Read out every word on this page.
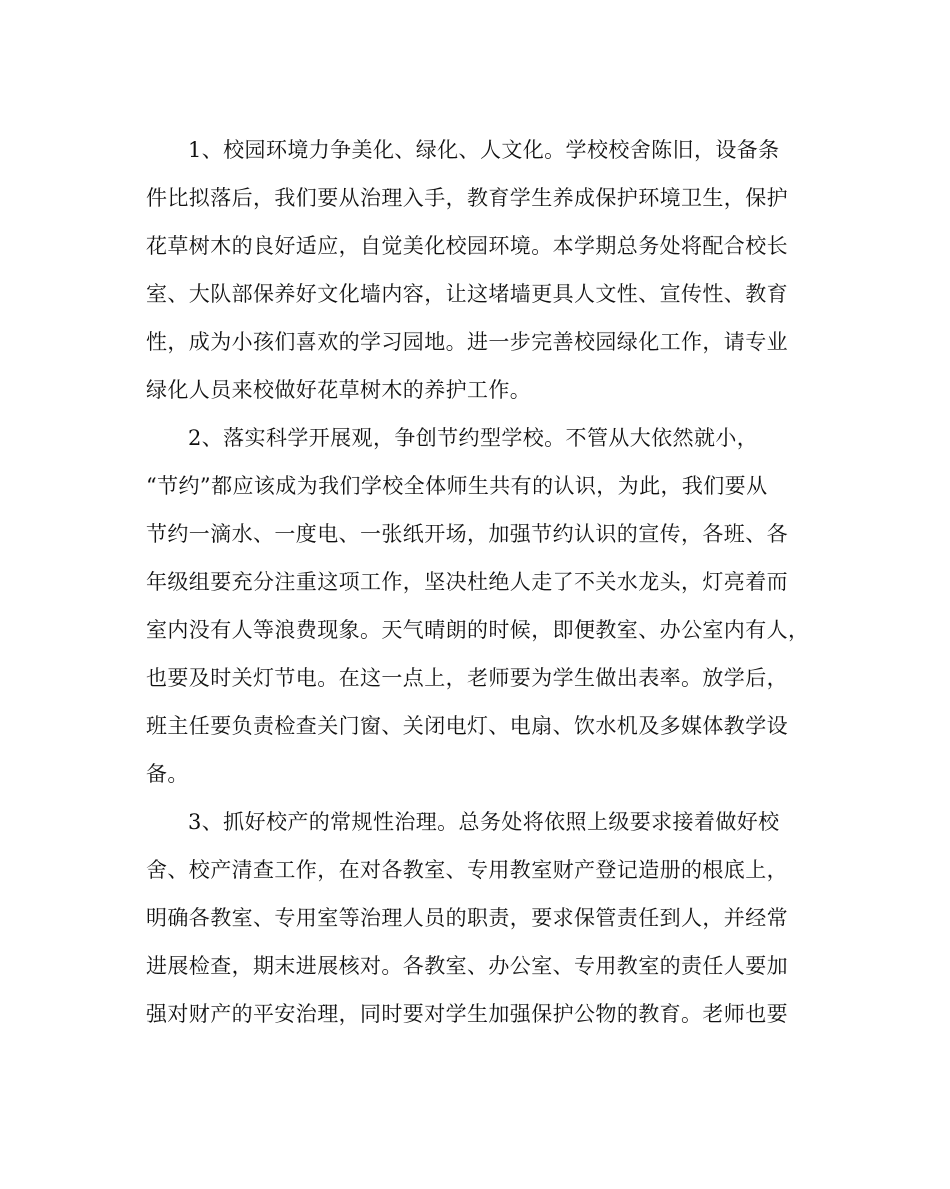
1、校园环境力争美化、绿化、人文化。学校校舍陈旧，设备条
件比拟落后，我们要从治理入手，教育学生养成保护环境卫生，保护
花草树木的良好适应，自觉美化校园环境。本学期总务处将配合校长
室、大队部保养好文化墙内容，让这堵墙更具人文性、宣传性、教育
性，成为小孩们喜欢的学习园地。进一步完善校园绿化工作，请专业
绿化人员来校做好花草树木的养护工作。
2、落实科学开展观，争创节约型学校。不管从大依然就小，
“节约”都应该成为我们学校全体师生共有的认识，为此，我们要从
节约一滴水、一度电、一张纸开场，加强节约认识的宣传，各班、各
年级组要充分注重这项工作，坚决杜绝人走了不关水龙头，灯亮着而
室内没有人等浪费现象。天气晴朗的时候，即便教室、办公室内有人，
也要及时关灯节电。在这一点上，老师要为学生做出表率。放学后，
班主任要负责检查关门窗、关闭电灯、电扇、饮水机及多媒体教学设
备。
3、抓好校产的常规性治理。总务处将依照上级要求接着做好校
舍、校产清查工作，在对各教室、专用教室财产登记造册的根底上，
明确各教室、专用室等治理人员的职责，要求保管责任到人，并经常
进展检查，期末进展核对。各教室、办公室、专用教室的责任人要加
强对财产的平安治理，同时要对学生加强保护公物的教育。老师也要
